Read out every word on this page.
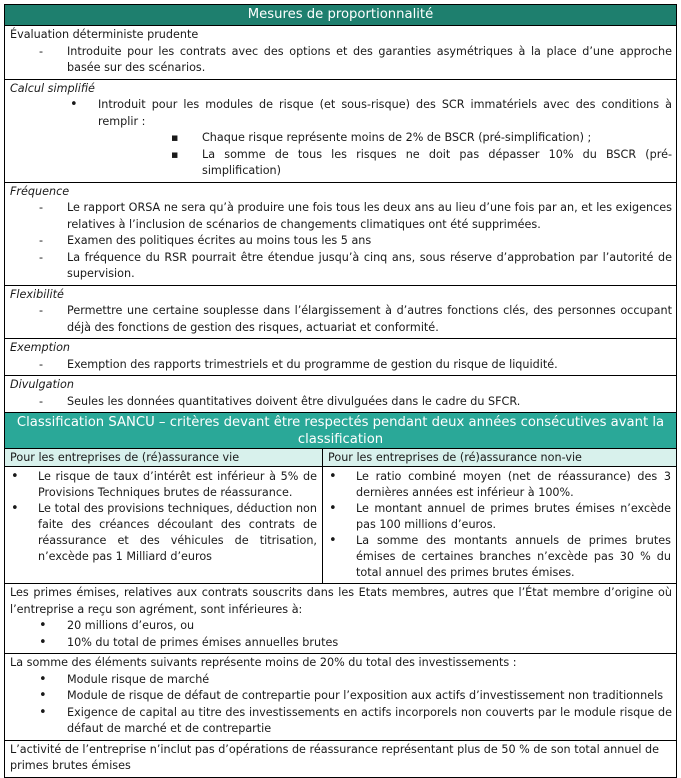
Mesures de proportionnalité
Évaluation déterministe prudente
- Introduite pour les contrats avec des options et des garanties asymétriques à la place d’une approche basée sur des scénarios.
Calcul simplifié
• Introduit pour les modules de risque (et sous-risque) des SCR immatériels avec des conditions à remplir :
▪ Chaque risque représente moins de 2% de BSCR (pré-simplification) ;
▪ La somme de tous les risques ne doit pas dépasser 10% du BSCR (pré-simplification)
Fréquence
- Le rapport ORSA ne sera qu’à produire une fois tous les deux ans au lieu d’une fois par an, et les exigences relatives à l’inclusion de scénarios de changements climatiques ont été supprimées.
- Examen des politiques écrites au moins tous les 5 ans
- La fréquence du RSR pourrait être étendue jusqu’à cinq ans, sous réserve d’approbation par l’autorité de supervision.
Flexibilité
- Permettre une certaine souplesse dans l’élargissement à d’autres fonctions clés, des personnes occupant déjà des fonctions de gestion des risques, actuariat et conformité.
Exemption
- Exemption des rapports trimestriels et du programme de gestion du risque de liquidité.
Divulgation
- Seules les données quantitatives doivent être divulguées dans le cadre du SFCR.
Classification SANCU – critères devant être respectés pendant deux années consécutives avant la classification
Pour les entreprises de (ré)assurance vie	Pour les entreprises de (ré)assurance non-vie
• Le risque de taux d’intérêt est inférieur à 5% de Provisions Techniques brutes de réassurance.
• Le total des provisions techniques, déduction non faite des créances découlant des contrats de réassurance et des véhicules de titrisation, n’excède pas 1 Milliard d’euros
• Le ratio combiné moyen (net de réassurance) des 3 dernières années est inférieur à 100%.
• Le montant annuel de primes brutes émises n’excède pas 100 millions d’euros.
• La somme des montants annuels de primes brutes émises de certaines branches n’excède pas 30 % du total annuel des primes brutes émises.
Les primes émises, relatives aux contrats souscrits dans les Etats membres, autres que l’État membre d’origine où l’entreprise a reçu son agrément, sont inférieures à:
• 20 millions d’euros, ou
• 10% du total de primes émises annuelles brutes
La somme des éléments suivants représente moins de 20% du total des investissements :
• Module risque de marché
• Module de risque de défaut de contrepartie pour l’exposition aux actifs d’investissement non traditionnels
• Exigence de capital au titre des investissements en actifs incorporels non couverts par le module risque de défaut de marché et de contrepartie
L’activité de l’entreprise n’inclut pas d’opérations de réassurance représentant plus de 50 % de son total annuel de primes brutes émises
